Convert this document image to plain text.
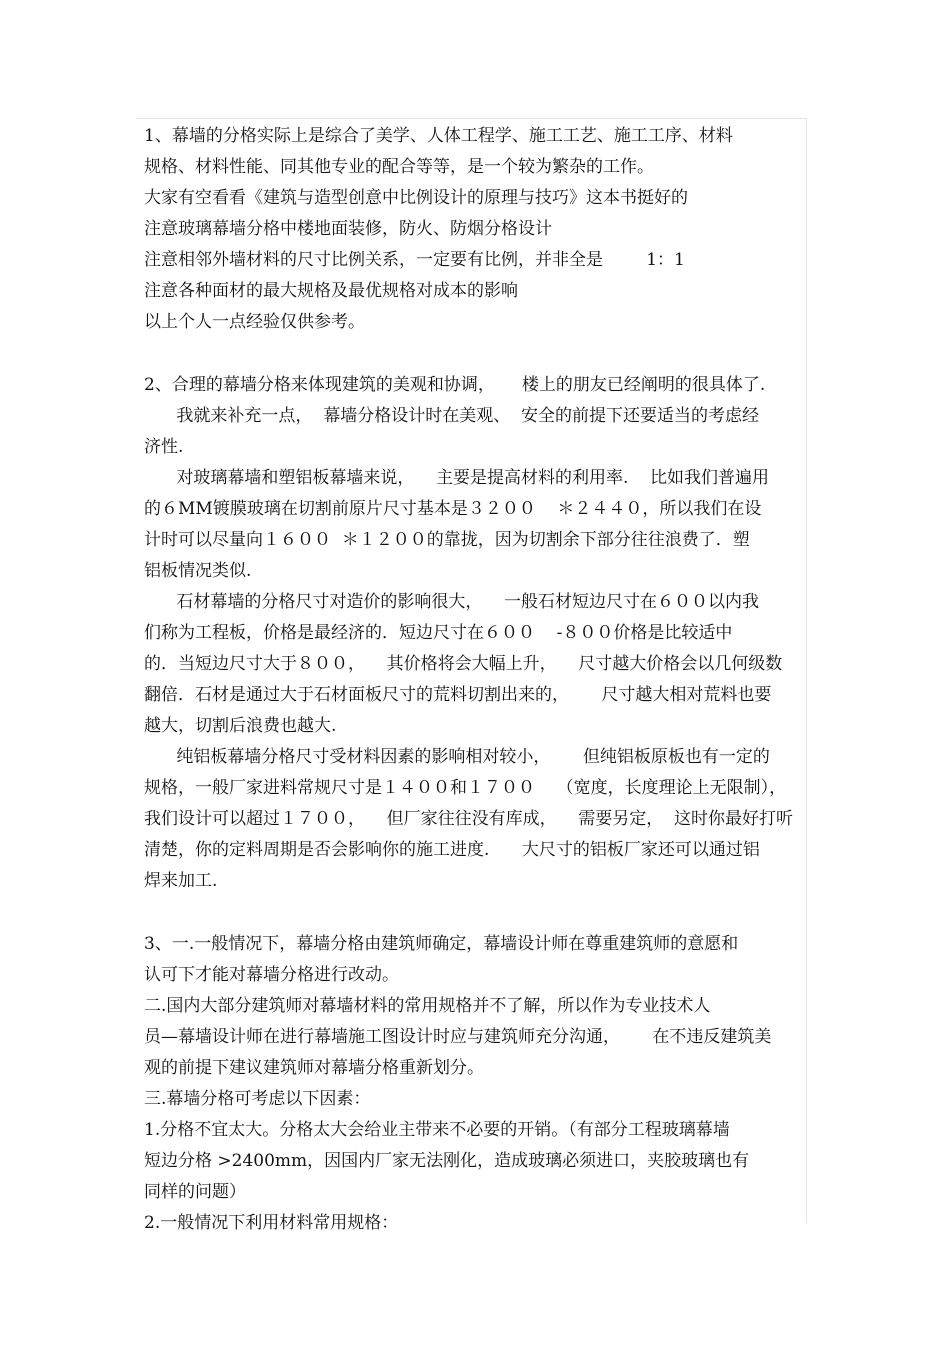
1、幕墙的分格实际上是综合了美学、人体工程学、施工工艺、施工工序、材料
规格、材料性能、同其他专业的配合等等，是一个较为繁杂的工作。
大家有空看看《建筑与造型创意中比例设计的原理与技巧》这本书挺好的
注意玻璃幕墙分格中楼地面装修，防火、防烟分格设计
注意相邻外墙材料的尺寸比例关系，一定要有比例，并非全是        1：1
注意各种面材的最大规格及最优规格对成本的影响
以上个人一点经验仅供参考。
2、合理的幕墙分格来体现建筑的美观和协调，     楼上的朋友已经阐明的很具体了.
我就来补充一点，  幕墙分格设计时在美观、  安全的前提下还要适当的考虑经
济性.
对玻璃幕墙和塑铝板幕墙来说，    主要是提高材料的利用率.    比如我们普遍用
的６MM镀膜玻璃在切割前原片尺寸基本是３２００    ＊２４４０，所以我们在设
计时可以尽量向１６００  ＊１２００的靠拢，因为切割余下部分往往浪费了．塑
铝板情况类似.
石材幕墙的分格尺寸对造价的影响很大，    一般石材短边尺寸在６００以内我
们称为工程板，价格是最经济的．短边尺寸在６００    -８００价格是比较适中
的．当短边尺寸大于８００，    其价格将会大幅上升，    尺寸越大价格会以几何级数
翻倍．石材是通过大于石材面板尺寸的荒料切割出来的，      尺寸越大相对荒料也要
越大，切割后浪费也越大.
纯铝板幕墙分格尺寸受材料因素的影响相对较小，      但纯铝板原板也有一定的
规格，一般厂家进料常规尺寸是１４００和１７００    （宽度，长度理论上无限制），
我们设计可以超过１７００，    但厂家往往没有库成，    需要另定，  这时你最好打听
清楚，你的定料周期是否会影响你的施工进度.      大尺寸的铝板厂家还可以通过铝
焊来加工.
3、一.一般情况下，幕墙分格由建筑师确定，幕墙设计师在尊重建筑师的意愿和
认可下才能对幕墙分格进行改动。
二.国内大部分建筑师对幕墙材料的常用规格并不了解，所以作为专业技术人
员—幕墙设计师在进行幕墙施工图设计时应与建筑师充分沟通，      在不违反建筑美
观的前提下建议建筑师对幕墙分格重新划分。
三.幕墙分格可考虑以下因素：
1.分格不宜太大。分格太大会给业主带来不必要的开销。（有部分工程玻璃幕墙
短边分格 >2400mm，因国内厂家无法刚化，造成玻璃必须进口，夹胶玻璃也有
同样的问题）
2.一般情况下利用材料常用规格：
